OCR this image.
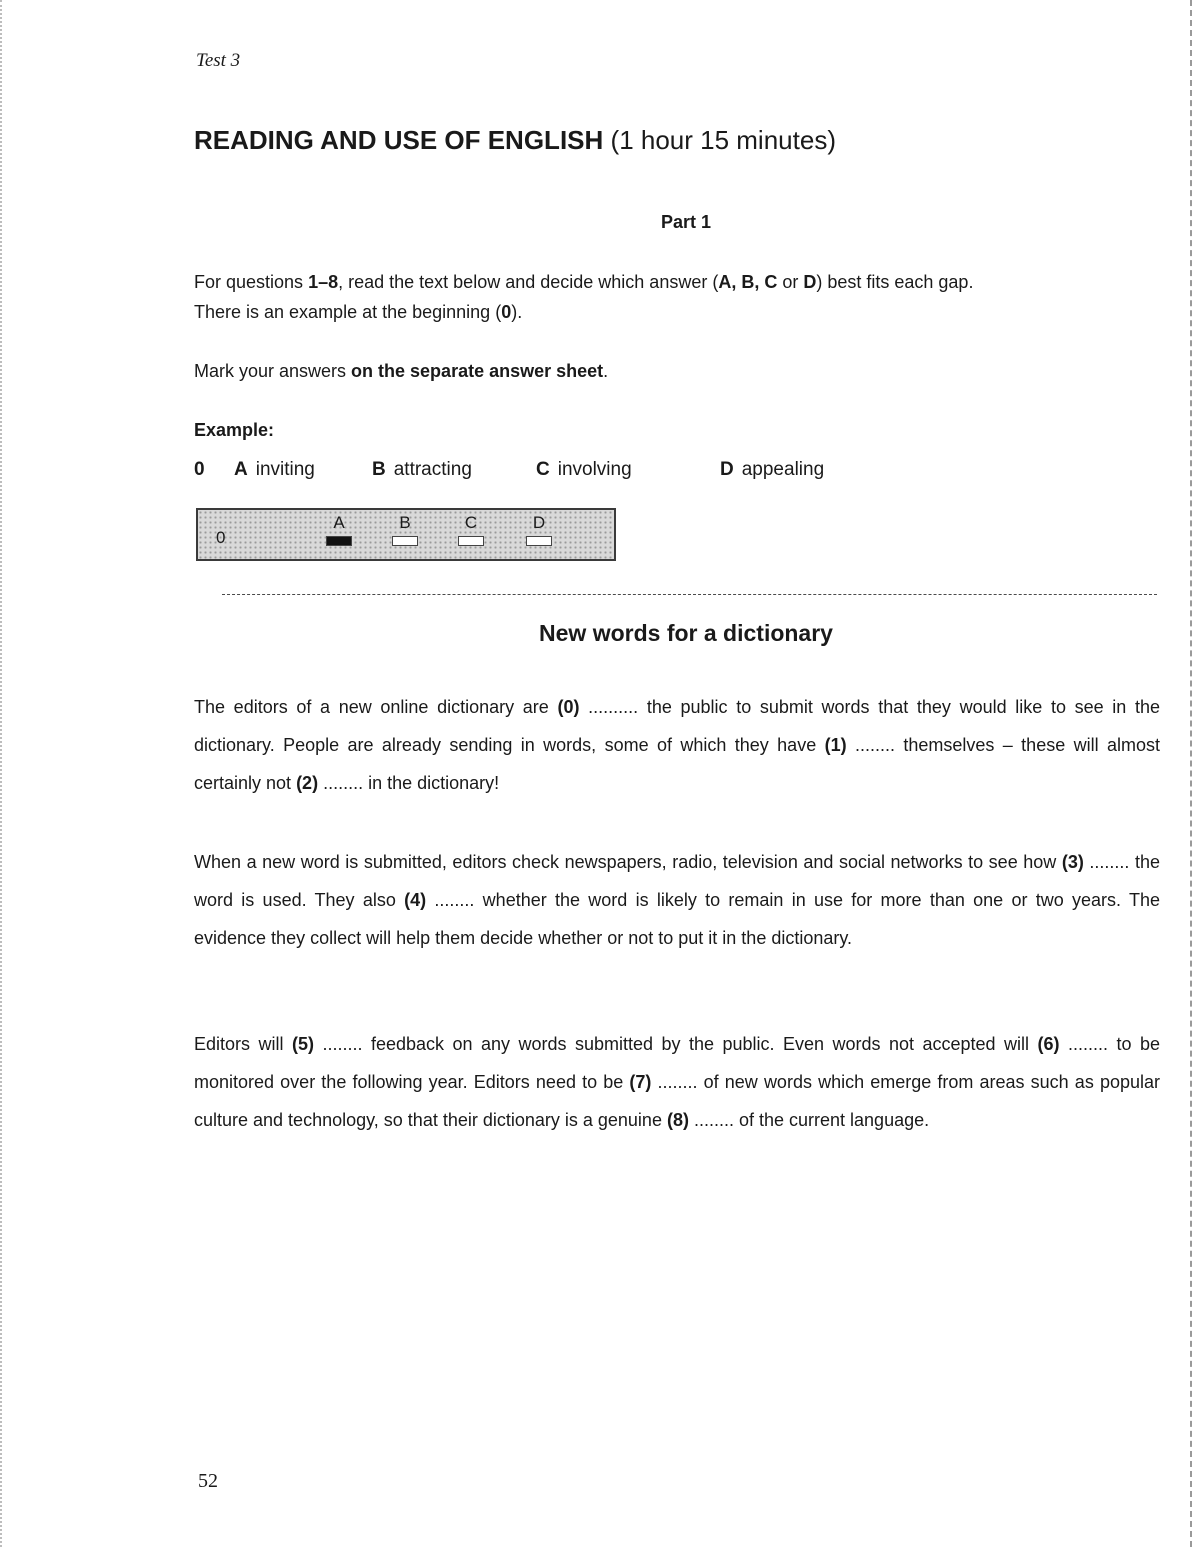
Test 3
READING AND USE OF ENGLISH (1 hour 15 minutes)
Part 1
For questions 1–8, read the text below and decide which answer (A, B, C or D) best fits each gap.
There is an example at the beginning (0).
Mark your answers on the separate answer sheet.
Example:
0 A inviting	B attracting	C involving	D appealing
0
A	B	C	D
New words for a dictionary

The editors of a new online dictionary are (0) .......... the public to submit words that they would like to see in the dictionary. People are already sending in words, some of which they have (1) ........ themselves – these will almost certainly not (2) ........ in the dictionary!

When a new word is submitted, editors check newspapers, radio, television and social networks to see how (3) ........ the word is used. They also (4) ........ whether the word is likely to remain in use for more than one or two years. The evidence they collect will help them decide whether or not to put it in the dictionary.

Editors will (5) ........ feedback on any words submitted by the public. Even words not accepted will (6) ........ to be monitored over the following year. Editors need to be (7) ........ of new words which emerge from areas such as popular culture and technology, so that their dictionary is a genuine (8) ........ of the current language.

52
